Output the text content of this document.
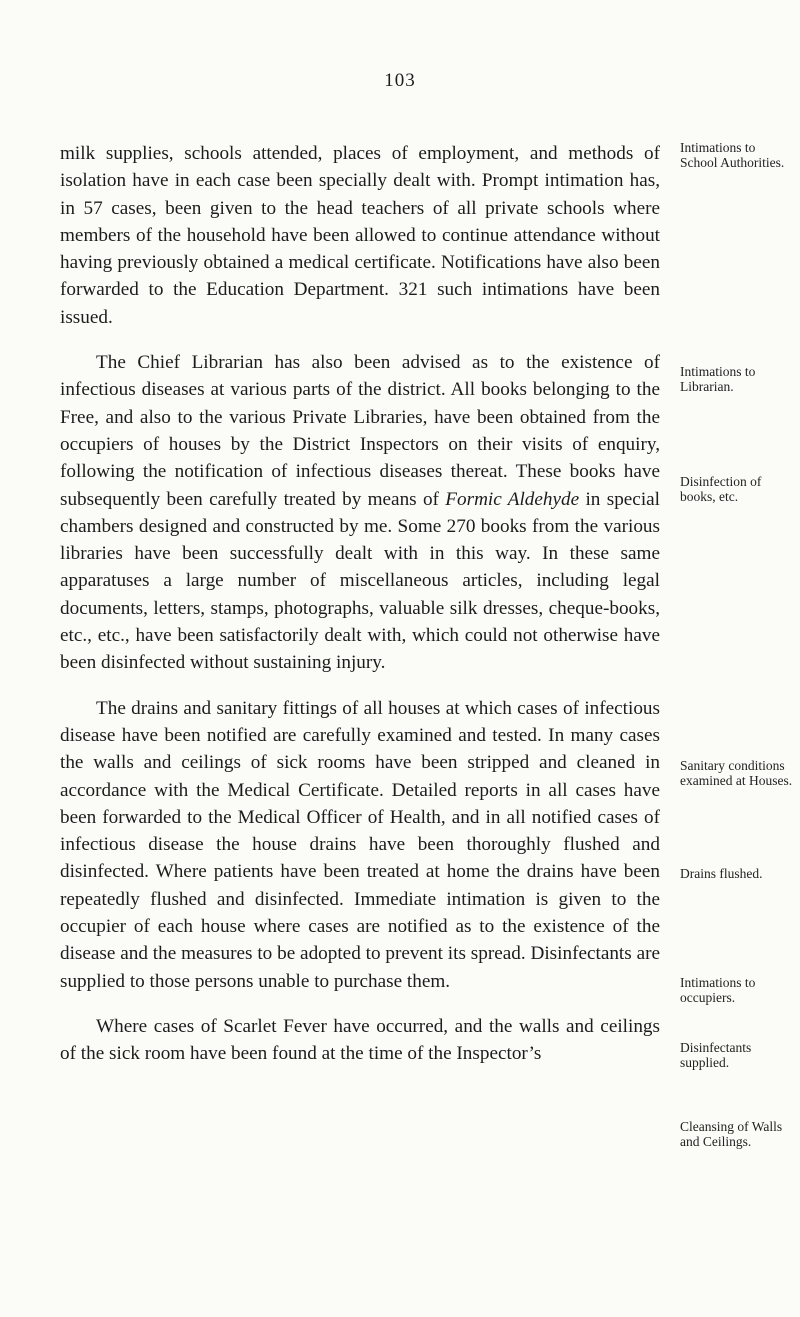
103

milk supplies, schools attended, places of employment, and methods of isolation have in each case been specially dealt with. Prompt intimation has, in 57 cases, been given to the head teachers of all private schools where members of the household have been allowed to continue attendance without having previously obtained a medical certificate. Notifications have also been forwarded to the Education Department. 321 such intimations have been issued.

The Chief Librarian has also been advised as to the existence of infectious diseases at various parts of the district. All books belonging to the Free, and also to the various Private Libraries, have been obtained from the occupiers of houses by the District Inspectors on their visits of enquiry, following the notification of infectious diseases thereat. These books have subsequently been carefully treated by means of Formic Aldehyde in special chambers designed and constructed by me. Some 270 books from the various libraries have been successfully dealt with in this way. In these same apparatuses a large number of miscellaneous articles, including legal documents, letters, stamps, photographs, valuable silk dresses, cheque-books, etc., etc., have been satisfactorily dealt with, which could not otherwise have been disinfected without sustaining injury.

The drains and sanitary fittings of all houses at which cases of infectious disease have been notified are carefully examined and tested. In many cases the walls and ceilings of sick rooms have been stripped and cleaned in accordance with the Medical Certificate. Detailed reports in all cases have been forwarded to the Medical Officer of Health, and in all notified cases of infectious disease the house drains have been thoroughly flushed and disinfected. Where patients have been treated at home the drains have been repeatedly flushed and disinfected. Immediate intimation is given to the occupier of each house where cases are notified as to the existence of the disease and the measures to be adopted to prevent its spread. Disinfectants are supplied to those persons unable to purchase them.

Where cases of Scarlet Fever have occurred, and the walls and ceilings of the sick room have been found at the time of the Inspector’s

Intimations to School Authorities.
Intimations to Librarian.
Disinfection of books, etc.
Sanitary conditions examined at Houses.
Drains flushed.
Intimations to occupiers.
Disinfectants supplied.
Cleansing of Walls and Ceilings.
